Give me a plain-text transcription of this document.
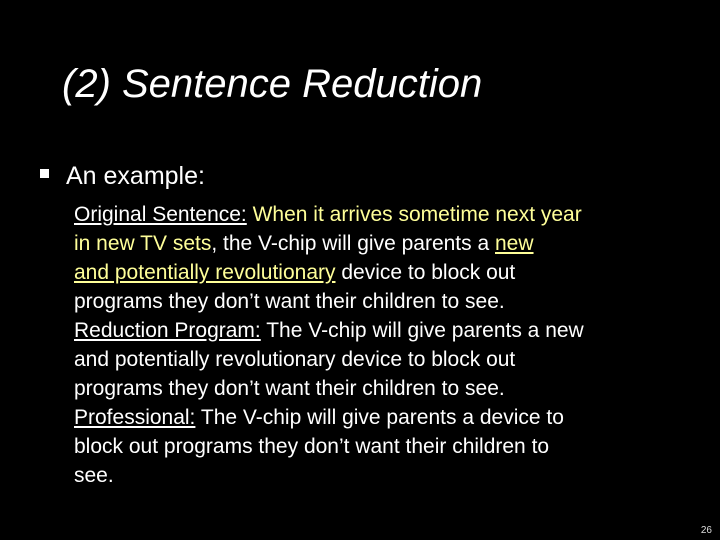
(2) Sentence Reduction
An example:
Original Sentence: When it arrives sometime next year
in new TV sets, the V-chip will give parents a new
and potentially revolutionary device to block out
programs they don’t want their children to see.
Reduction Program: The V-chip will give parents a new
and potentially revolutionary device to block out
programs they don’t want their children to see.
Professional: The V-chip will give parents a device to
block out programs they don’t want their children to
see.
26
